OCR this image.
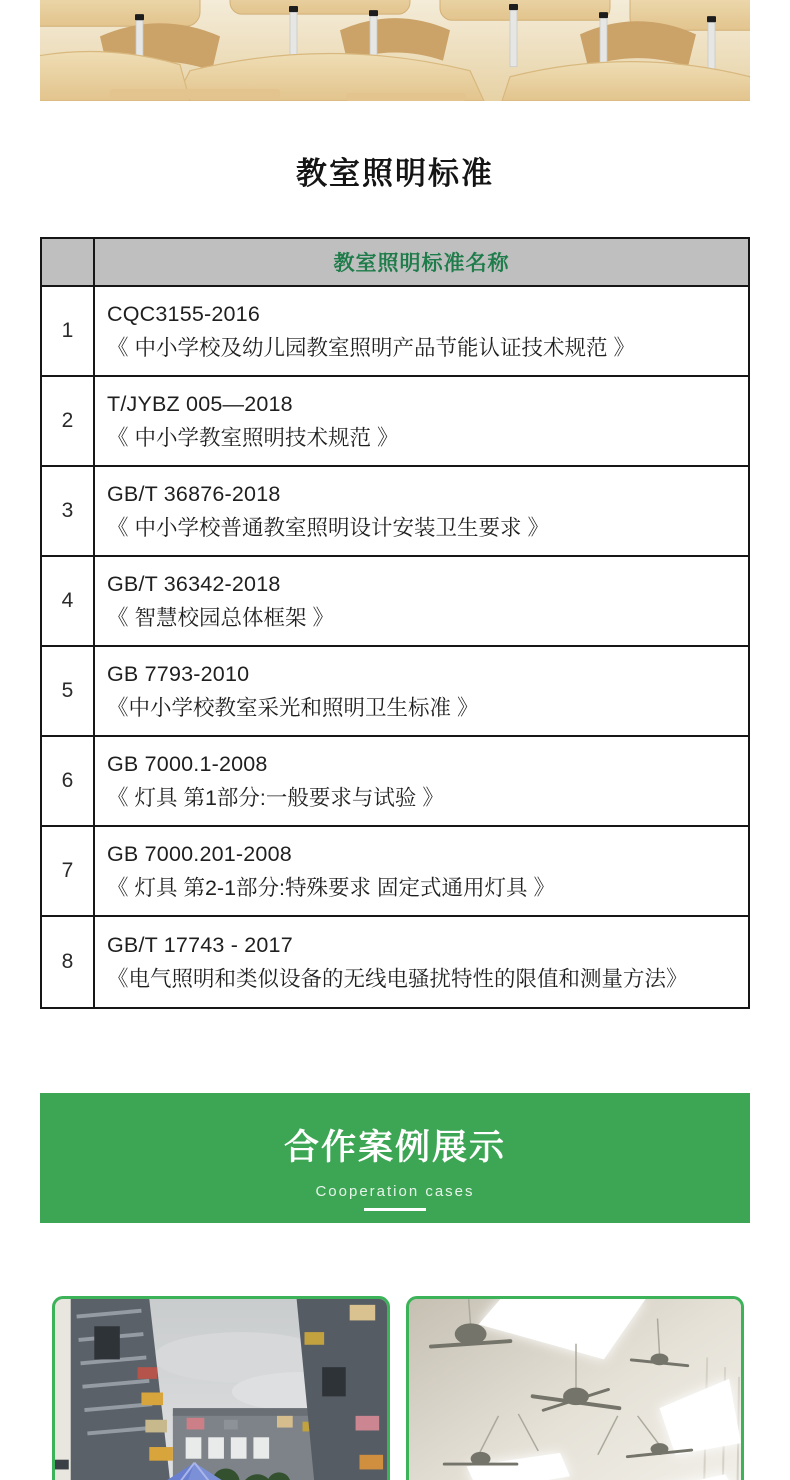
教室照明标准
教室照明标准名称
1
CQC3155-2016
《 中小学校及幼儿园教室照明产品节能认证技术规范 》
2
T/JYBZ 005—2018
《 中小学教室照明技术规范 》
3
GB/T 36876-2018
《 中小学校普通教室照明设计安装卫生要求 》
4
GB/T 36342-2018
《 智慧校园总体框架 》
5
GB 7793-2010
《中小学校教室采光和照明卫生标准 》
6
GB 7000.1-2008
《 灯具 第1部分:一般要求与试验 》
7
GB 7000.201-2008
《 灯具 第2-1部分:特殊要求 固定式通用灯具 》
8
GB/T 17743 - 2017
《电气照明和类似设备的无线电骚扰特性的限值和测量方法》
合作案例展示
Cooperation cases
